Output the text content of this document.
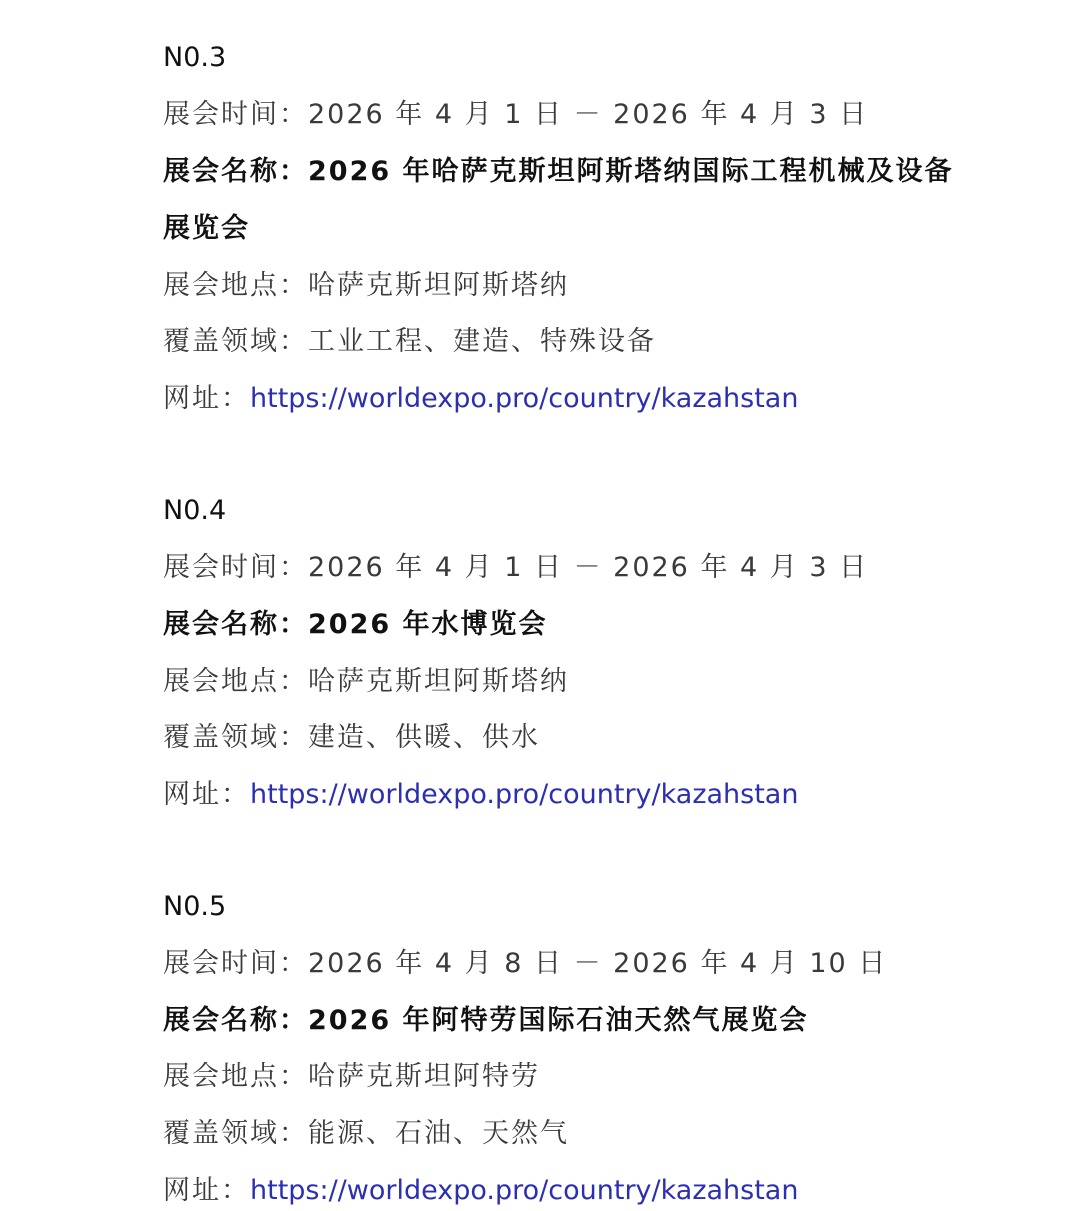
N0.3
展会时间：2026 年 4 月 1 日 － 2026 年 4 月 3 日
展会名称：2026 年哈萨克斯坦阿斯塔纳国际工程机械及设备
展览会
展会地点：哈萨克斯坦阿斯塔纳
覆盖领域：工业工程、建造、特殊设备
网址：https://worldexpo.pro/country/kazahstan
N0.4
展会时间：2026 年 4 月 1 日 － 2026 年 4 月 3 日
展会名称：2026 年水博览会
展会地点：哈萨克斯坦阿斯塔纳
覆盖领域：建造、供暖、供水
网址：https://worldexpo.pro/country/kazahstan
N0.5
展会时间：2026 年 4 月 8 日 － 2026 年 4 月 10 日
展会名称：2026 年阿特劳国际石油天然气展览会
展会地点：哈萨克斯坦阿特劳
覆盖领域：能源、石油、天然气
网址：https://worldexpo.pro/country/kazahstan
